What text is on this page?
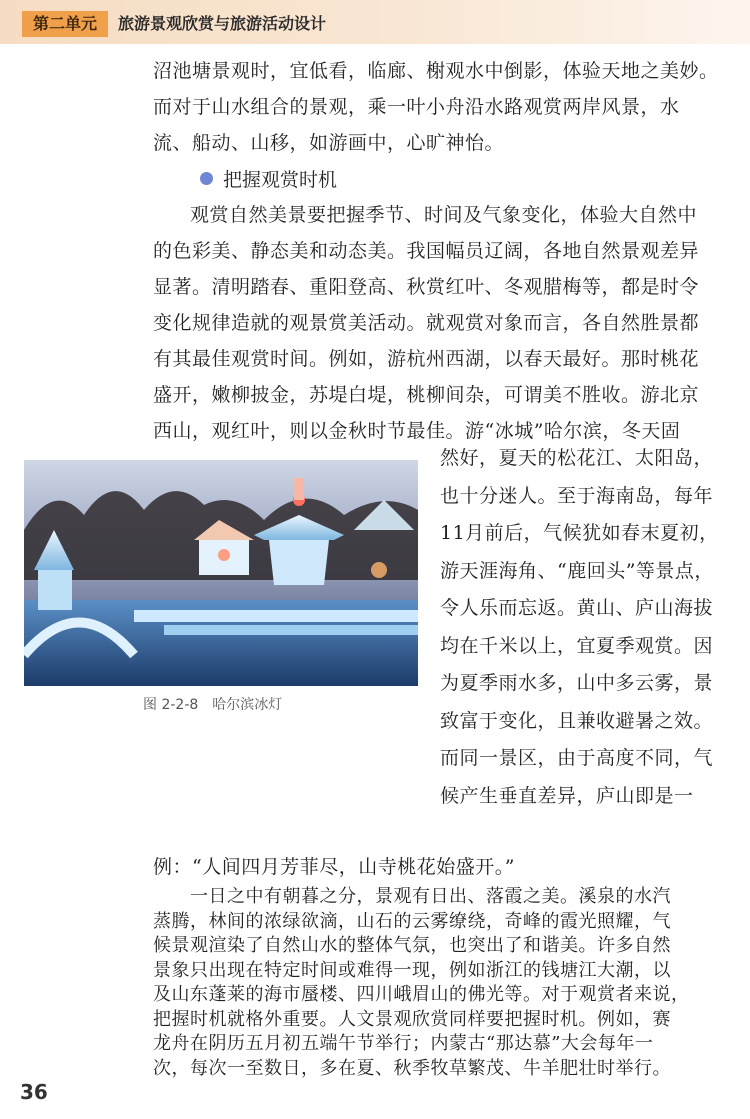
第二单元	旅游景观欣赏与旅游活动设计
沼池塘景观时，宜低看，临廊、榭观水中倒影，体验天地之美妙。
而对于山水组合的景观，乘一叶小舟沿水路观赏两岸风景，水
流、船动、山移，如游画中，心旷神怡。
把握观赏时机
观赏自然美景要把握季节、时间及气象变化，体验大自然中
的色彩美、静态美和动态美。我国幅员辽阔，各地自然景观差异
显著。清明踏春、重阳登高、秋赏红叶、冬观腊梅等，都是时令
变化规律造就的观景赏美活动。就观赏对象而言，各自然胜景都
有其最佳观赏时间。例如，游杭州西湖，以春天最好。那时桃花
盛开，嫩柳披金，苏堤白堤，桃柳间杂，可谓美不胜收。游北京
西山，观红叶，则以金秋时节最佳。游“冰城”哈尔滨，冬天固
图 2-2-8　哈尔滨冰灯
然好，夏天的松花江、太阳岛，
也十分迷人。至于海南岛，每年
11月前后，气候犹如春末夏初，
游天涯海角、“鹿回头”等景点，
令人乐而忘返。黄山、庐山海拔
均在千米以上，宜夏季观赏。因
为夏季雨水多，山中多云雾，景
致富于变化，且兼收避暑之效。
而同一景区，由于高度不同，气
候产生垂直差异，庐山即是一
例：“人间四月芳菲尽，山寺桃花始盛开。”
一日之中有朝暮之分，景观有日出、落霞之美。溪泉的水汽
蒸腾，林间的浓绿欲滴，山石的云雾缭绕，奇峰的霞光照耀，气
候景观渲染了自然山水的整体气氛，也突出了和谐美。许多自然
景象只出现在特定时间或难得一现，例如浙江的钱塘江大潮，以
36
及山东蓬莱的海市蜃楼、四川峨眉山的佛光等。对于观赏者来说，
把握时机就格外重要。人文景观欣赏同样要把握时机。例如，赛
龙舟在阴历五月初五端午节举行；内蒙古“那达慕”大会每年一
次，每次一至数日，多在夏、秋季牧草繁茂、牛羊肥壮时举行。
